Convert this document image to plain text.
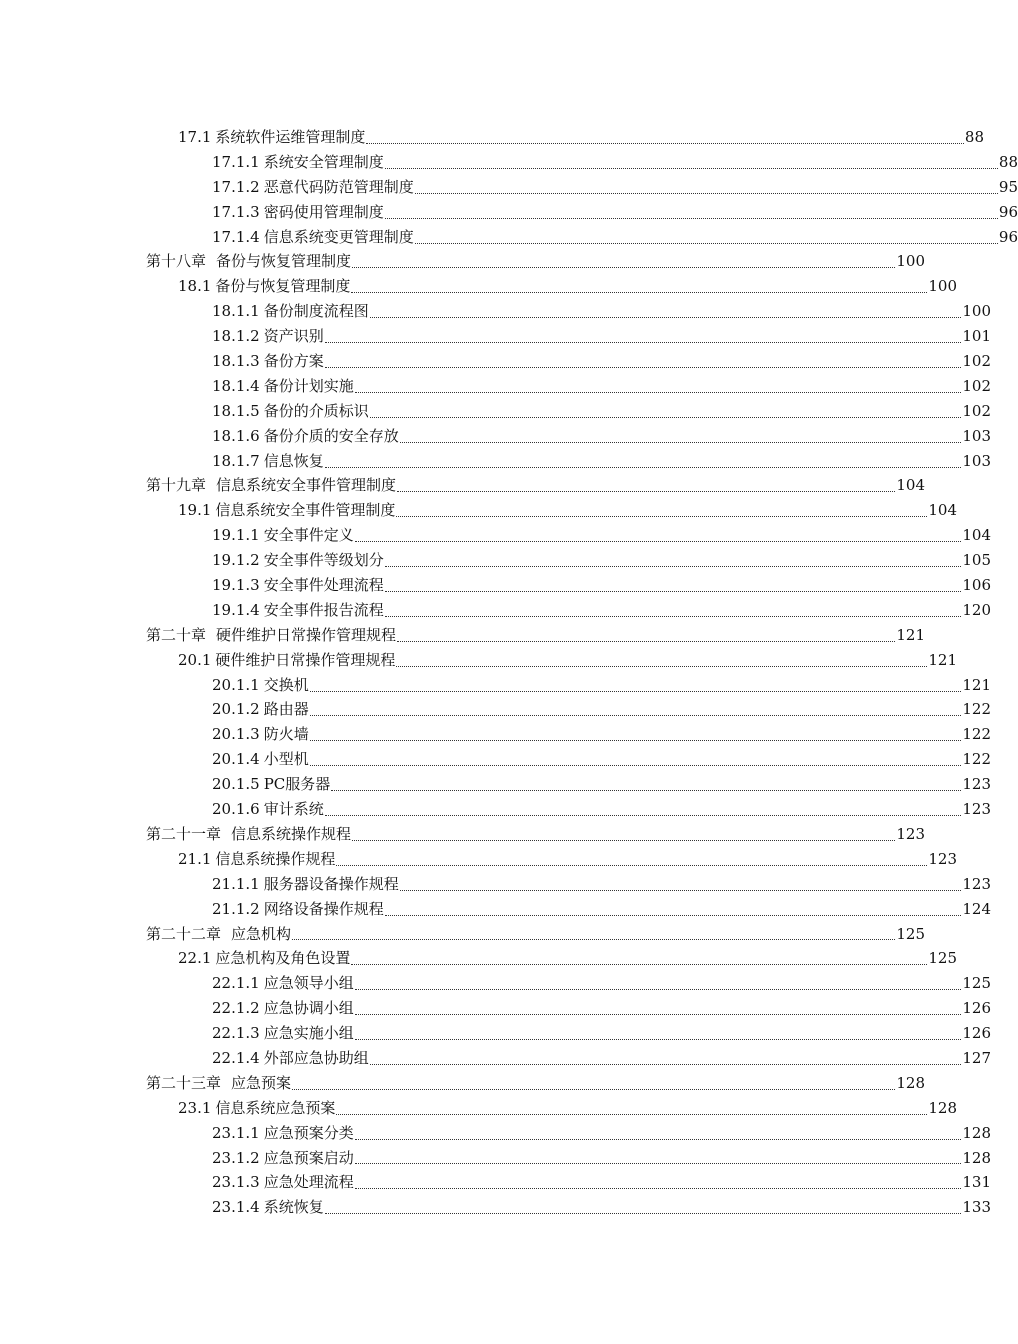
17.1 系统软件运维管理制度	88
17.1.1 系统安全管理制度	88
17.1.2 恶意代码防范管理制度	95
17.1.3 密码使用管理制度	96
17.1.4 信息系统变更管理制度	96
第十八章 备份与恢复管理制度	100
18.1 备份与恢复管理制度	100
18.1.1 备份制度流程图	100
18.1.2 资产识别	101
18.1.3 备份方案	102
18.1.4 备份计划实施	102
18.1.5 备份的介质标识	102
18.1.6 备份介质的安全存放	103
18.1.7 信息恢复	103
第十九章 信息系统安全事件管理制度	104
19.1 信息系统安全事件管理制度	104
19.1.1 安全事件定义	104
19.1.2 安全事件等级划分	105
19.1.3 安全事件处理流程	106
19.1.4 安全事件报告流程	120
第二十章 硬件维护日常操作管理规程	121
20.1 硬件维护日常操作管理规程	121
20.1.1 交换机	121
20.1.2 路由器	122
20.1.3 防火墙	122
20.1.4 小型机	122
20.1.5 PC服务器	123
20.1.6 审计系统	123
第二十一章 信息系统操作规程	123
21.1 信息系统操作规程	123
21.1.1 服务器设备操作规程	123
21.1.2 网络设备操作规程	124
第二十二章 应急机构	125
22.1 应急机构及角色设置	125
22.1.1 应急领导小组	125
22.1.2 应急协调小组	126
22.1.3 应急实施小组	126
22.1.4 外部应急协助组	127
第二十三章 应急预案	128
23.1 信息系统应急预案	128
23.1.1 应急预案分类	128
23.1.2 应急预案启动	128
23.1.3 应急处理流程	131
23.1.4 系统恢复	133
